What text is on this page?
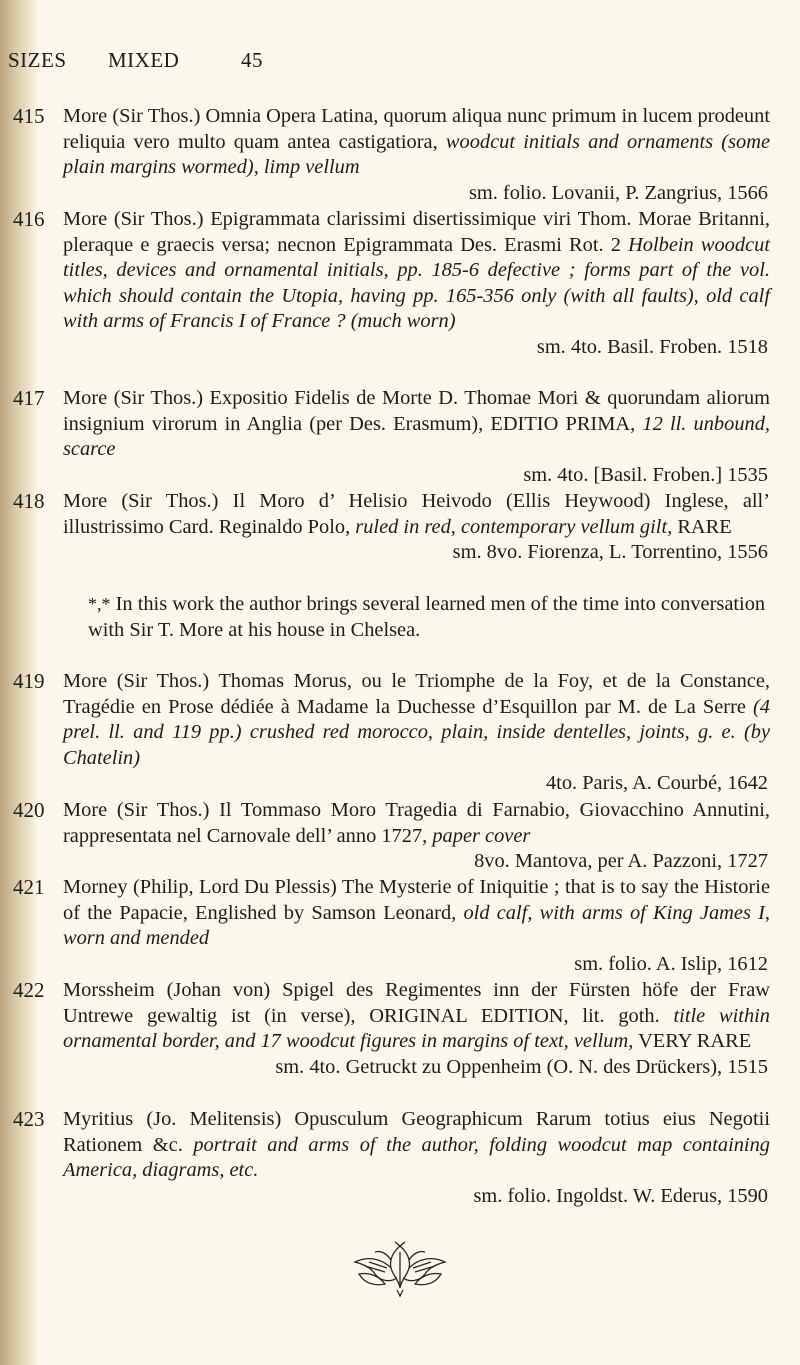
SIZES MIXED	45
415 More (Sir Thos.) Omnia Opera Latina, quorum aliqua nunc primum in lucem prodeunt reliquia vero multo quam antea castigatiora, woodcut initials and ornaments (some plain margins wormed), limp vellum
sm. folio. Lovanii, P. Zangrius, 1566
416 More (Sir Thos.) Epigrammata clarissimi disertissimique viri Thom. Morae Britanni, pleraque e graecis versa; necnon Epigrammata Des. Erasmi Rot. 2 Holbein woodcut titles, devices and ornamental initials, pp. 185-6 defective ; forms part of the vol. which should contain the Utopia, having pp. 165-356 only (with all faults), old calf with arms of Francis I of France ? (much worn)
sm. 4to. Basil. Froben. 1518
417 More (Sir Thos.) Expositio Fidelis de Morte D. Thomae Mori & quorundam aliorum insignium virorum in Anglia (per Des. Erasmum), EDITIO PRIMA, 12 ll. unbound, scarce
sm. 4to. [Basil. Froben.] 1535
418 More (Sir Thos.) Il Moro d’ Helisio Heivodo (Ellis Heywood) Inglese, all’ illustrissimo Card. Reginaldo Polo, ruled in red, contemporary vellum gilt, RARE
sm. 8vo. Fiorenza, L. Torrentino, 1556
*,* In this work the author brings several learned men of the time into conversation with Sir T. More at his house in Chelsea.
419 More (Sir Thos.) Thomas Morus, ou le Triomphe de la Foy, et de la Constance, Tragédie en Prose dédiée à Madame la Duchesse d’Esquillon par M. de La Serre (4 prel. ll. and 119 pp.) crushed red morocco, plain, inside dentelles, joints, g. e. (by Chatelin)
4to. Paris, A. Courbé, 1642
420 More (Sir Thos.) Il Tommaso Moro Tragedia di Farnabio, Giovacchino Annutini, rappresentata nel Carnovale dell’ anno 1727, paper cover
8vo. Mantova, per A. Pazzoni, 1727
421 Morney (Philip, Lord Du Plessis) The Mysterie of Iniquitie ; that is to say the Historie of the Papacie, Englished by Samson Leonard, old calf, with arms of King James I, worn and mended
sm. folio. A. Islip, 1612
422 Morssheim (Johan von) Spigel des Regimentes inn der Fürsten höfe der Fraw Untrewe gewaltig ist (in verse), ORIGINAL EDITION, lit. goth. title within ornamental border, and 17 woodcut figures in margins of text, vellum, VERY RARE
sm. 4to. Getruckt zu Oppenheim (O. N. des Drückers), 1515
423 Myritius (Jo. Melitensis) Opusculum Geographicum Rarum totius eius Negotii Rationem &c. portrait and arms of the author, folding woodcut map containing America, diagrams, etc.
sm. folio. Ingoldst. W. Ederus, 1590
